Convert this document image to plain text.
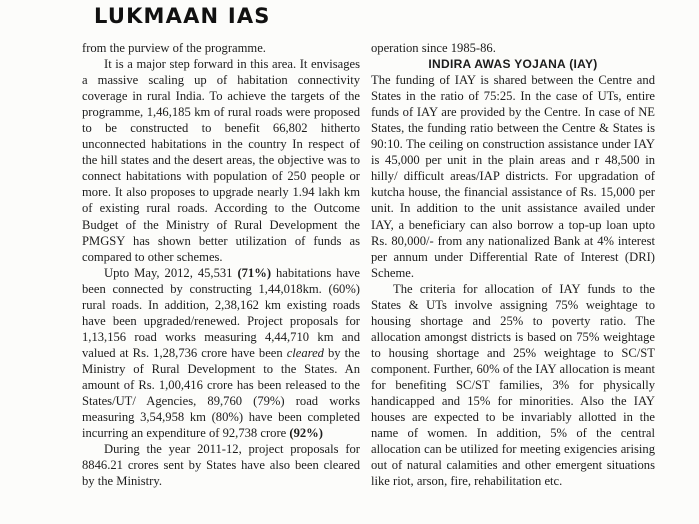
LUKMAAN IAS

from the purview of the programme.

It is a major step forward in this area. It envisages a massive scaling up of habitation connectivity coverage in rural India. To achieve the targets of the programme, 1,46,185 km of rural roads were proposed to be constructed to benefit 66,802 hitherto unconnected habitations in the country In respect of the hill states and the desert areas, the objective was to connect habitations with population of 250 people or more. It also proposes to upgrade nearly 1.94 lakh km of existing rural roads. According to the Outcome Budget of the Ministry of Rural Development the PMGSY has shown better utilization of funds as compared to other schemes.

Upto May, 2012, 45,531 (71%) habitations have been connected by constructing 1,44,018km. (60%) rural roads. In addition, 2,38,162 km existing roads have been upgraded/renewed. Project proposals for 1,13,156 road works measuring 4,44,710 km and valued at Rs. 1,28,736 crore have been cleared by the Ministry of Rural Development to the States. An amount of Rs. 1,00,416 crore has been released to the States/UT/ Agencies, 89,760 (79%) road works measuring 3,54,958 km (80%) have been completed incurring an expenditure of 92,738 crore (92%)

During the year 2011-12, project proposals for 8846.21 crores sent by States have also been cleared by the Ministry.

operation since 1985-86.

INDIRA AWAS YOJANA (IAY)

The funding of IAY is shared between the Centre and States in the ratio of 75:25. In the case of UTs, entire funds of IAY are provided by the Centre. In case of NE States, the funding ratio between the Centre & States is 90:10. The ceiling on construction assistance under IAY is 45,000 per unit in the plain areas and r 48,500 in hilly/ difficult areas/IAP districts. For upgradation of kutcha house, the financial assistance of Rs. 15,000 per unit. In addition to the unit assistance availed under IAY, a beneficiary can also borrow a top-up loan upto Rs. 80,000/- from any nationalized Bank at 4% interest per annum under Differential Rate of Interest (DRI) Scheme.

The criteria for allocation of IAY funds to the States & UTs involve assigning 75% weightage to housing shortage and 25% to poverty ratio. The allocation amongst districts is based on 75% weightage to housing shortage and 25% weightage to SC/ST component. Further, 60% of the IAY allocation is meant for benefiting SC/ST families, 3% for physically handicapped and 15% for minorities. Also the IAY houses are expected to be invariably allotted in the name of women. In addition, 5% of the central allocation can be utilized for meeting exigencies arising out of natural calamities and other emergent situations like riot, arson, fire, rehabilitation etc.
